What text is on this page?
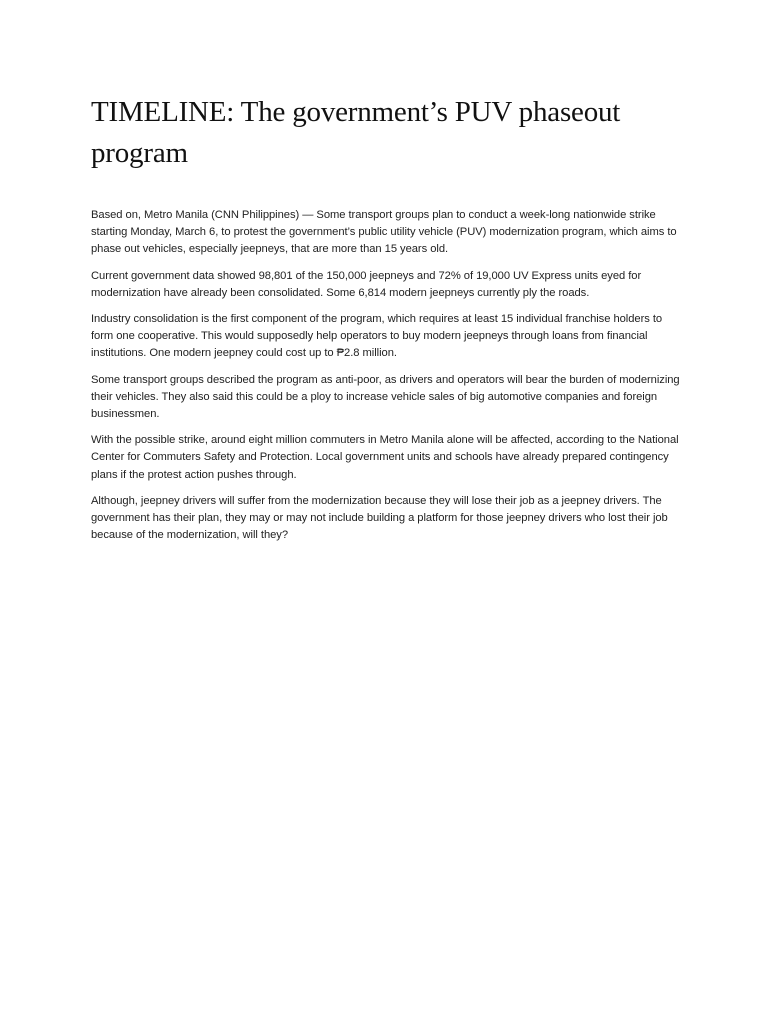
TIMELINE: The government’s PUV phaseout program

Based on, Metro Manila (CNN Philippines) — Some transport groups plan to conduct a week-long nationwide strike starting Monday, March 6, to protest the government’s public utility vehicle (PUV) modernization program, which aims to phase out vehicles, especially jeepneys, that are more than 15 years old.

Current government data showed 98,801 of the 150,000 jeepneys and 72% of 19,000 UV Express units eyed for modernization have already been consolidated. Some 6,814 modern jeepneys currently ply the roads.

Industry consolidation is the first component of the program, which requires at least 15 individual franchise holders to form one cooperative. This would supposedly help operators to buy modern jeepneys through loans from financial institutions. One modern jeepney could cost up to ₱2.8 million.

Some transport groups described the program as anti-poor, as drivers and operators will bear the burden of modernizing their vehicles. They also said this could be a ploy to increase vehicle sales of big automotive companies and foreign businessmen.

With the possible strike, around eight million commuters in Metro Manila alone will be affected, according to the National Center for Commuters Safety and Protection. Local government units and schools have already prepared contingency plans if the protest action pushes through.

Although, jeepney drivers will suffer from the modernization because they will lose their job as a jeepney drivers. The government has their plan, they may or may not include building a platform for those jeepney drivers who lost their job because of the modernization, will they?
